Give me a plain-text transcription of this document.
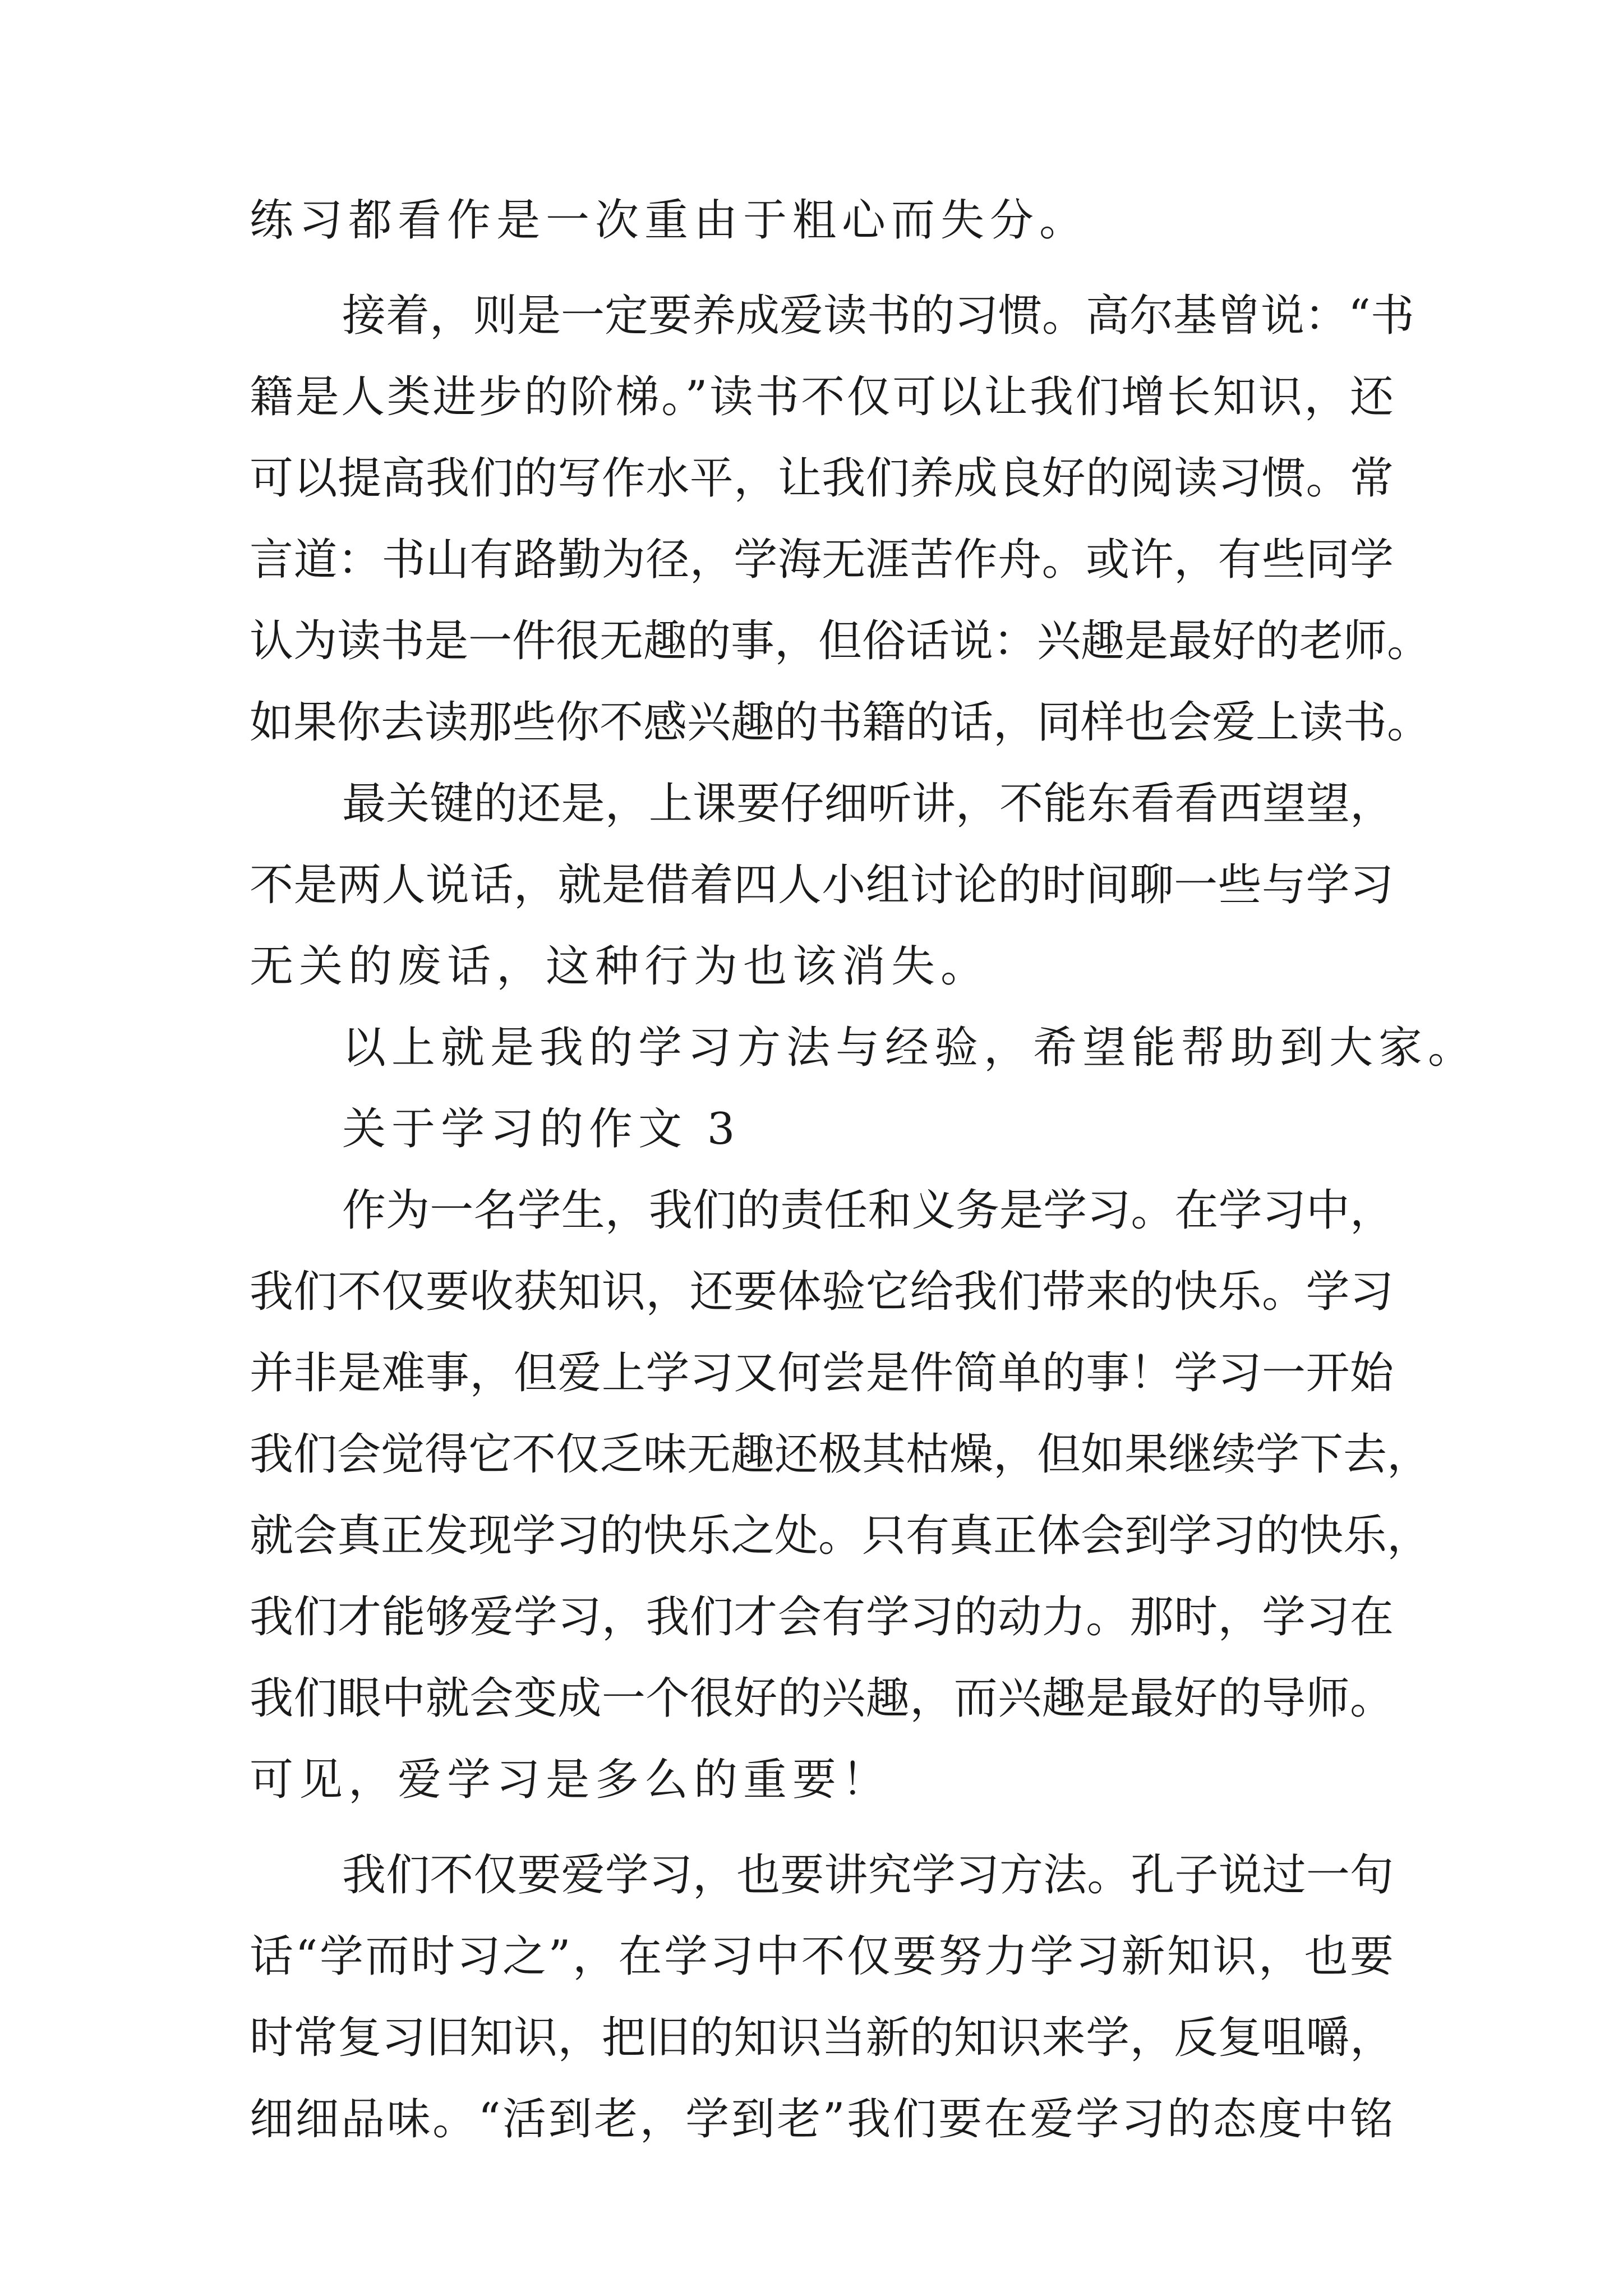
练习都看作是一次重由于粗心而失分。
接着，则是一定要养成爱读书的习惯。高尔基曾说：“书
籍是人类进步的阶梯。”读书不仅可以让我们增长知识，还
可以提高我们的写作水平，让我们养成良好的阅读习惯。常
言道：书山有路勤为径，学海无涯苦作舟。或许，有些同学
认为读书是一件很无趣的事，但俗话说：兴趣是最好的老师。
如果你去读那些你不感兴趣的书籍的话，同样也会爱上读书。
最关键的还是，上课要仔细听讲，不能东看看西望望，
不是两人说话，就是借着四人小组讨论的时间聊一些与学习
无关的废话，这种行为也该消失。
以上就是我的学习方法与经验，希望能帮助到大家。
关于学习的作文 3
作为一名学生，我们的责任和义务是学习。在学习中，
我们不仅要收获知识，还要体验它给我们带来的快乐。学习
并非是难事，但爱上学习又何尝是件简单的事！学习一开始
我们会觉得它不仅乏味无趣还极其枯燥，但如果继续学下去，
就会真正发现学习的快乐之处。只有真正体会到学习的快乐，
我们才能够爱学习，我们才会有学习的动力。那时，学习在
我们眼中就会变成一个很好的兴趣，而兴趣是最好的导师。
可见，爱学习是多么的重要！
我们不仅要爱学习，也要讲究学习方法。孔子说过一句
话“学而时习之”，在学习中不仅要努力学习新知识，也要
时常复习旧知识，把旧的知识当新的知识来学，反复咀嚼，
细细品味。“活到老，学到老”我们要在爱学习的态度中铭
